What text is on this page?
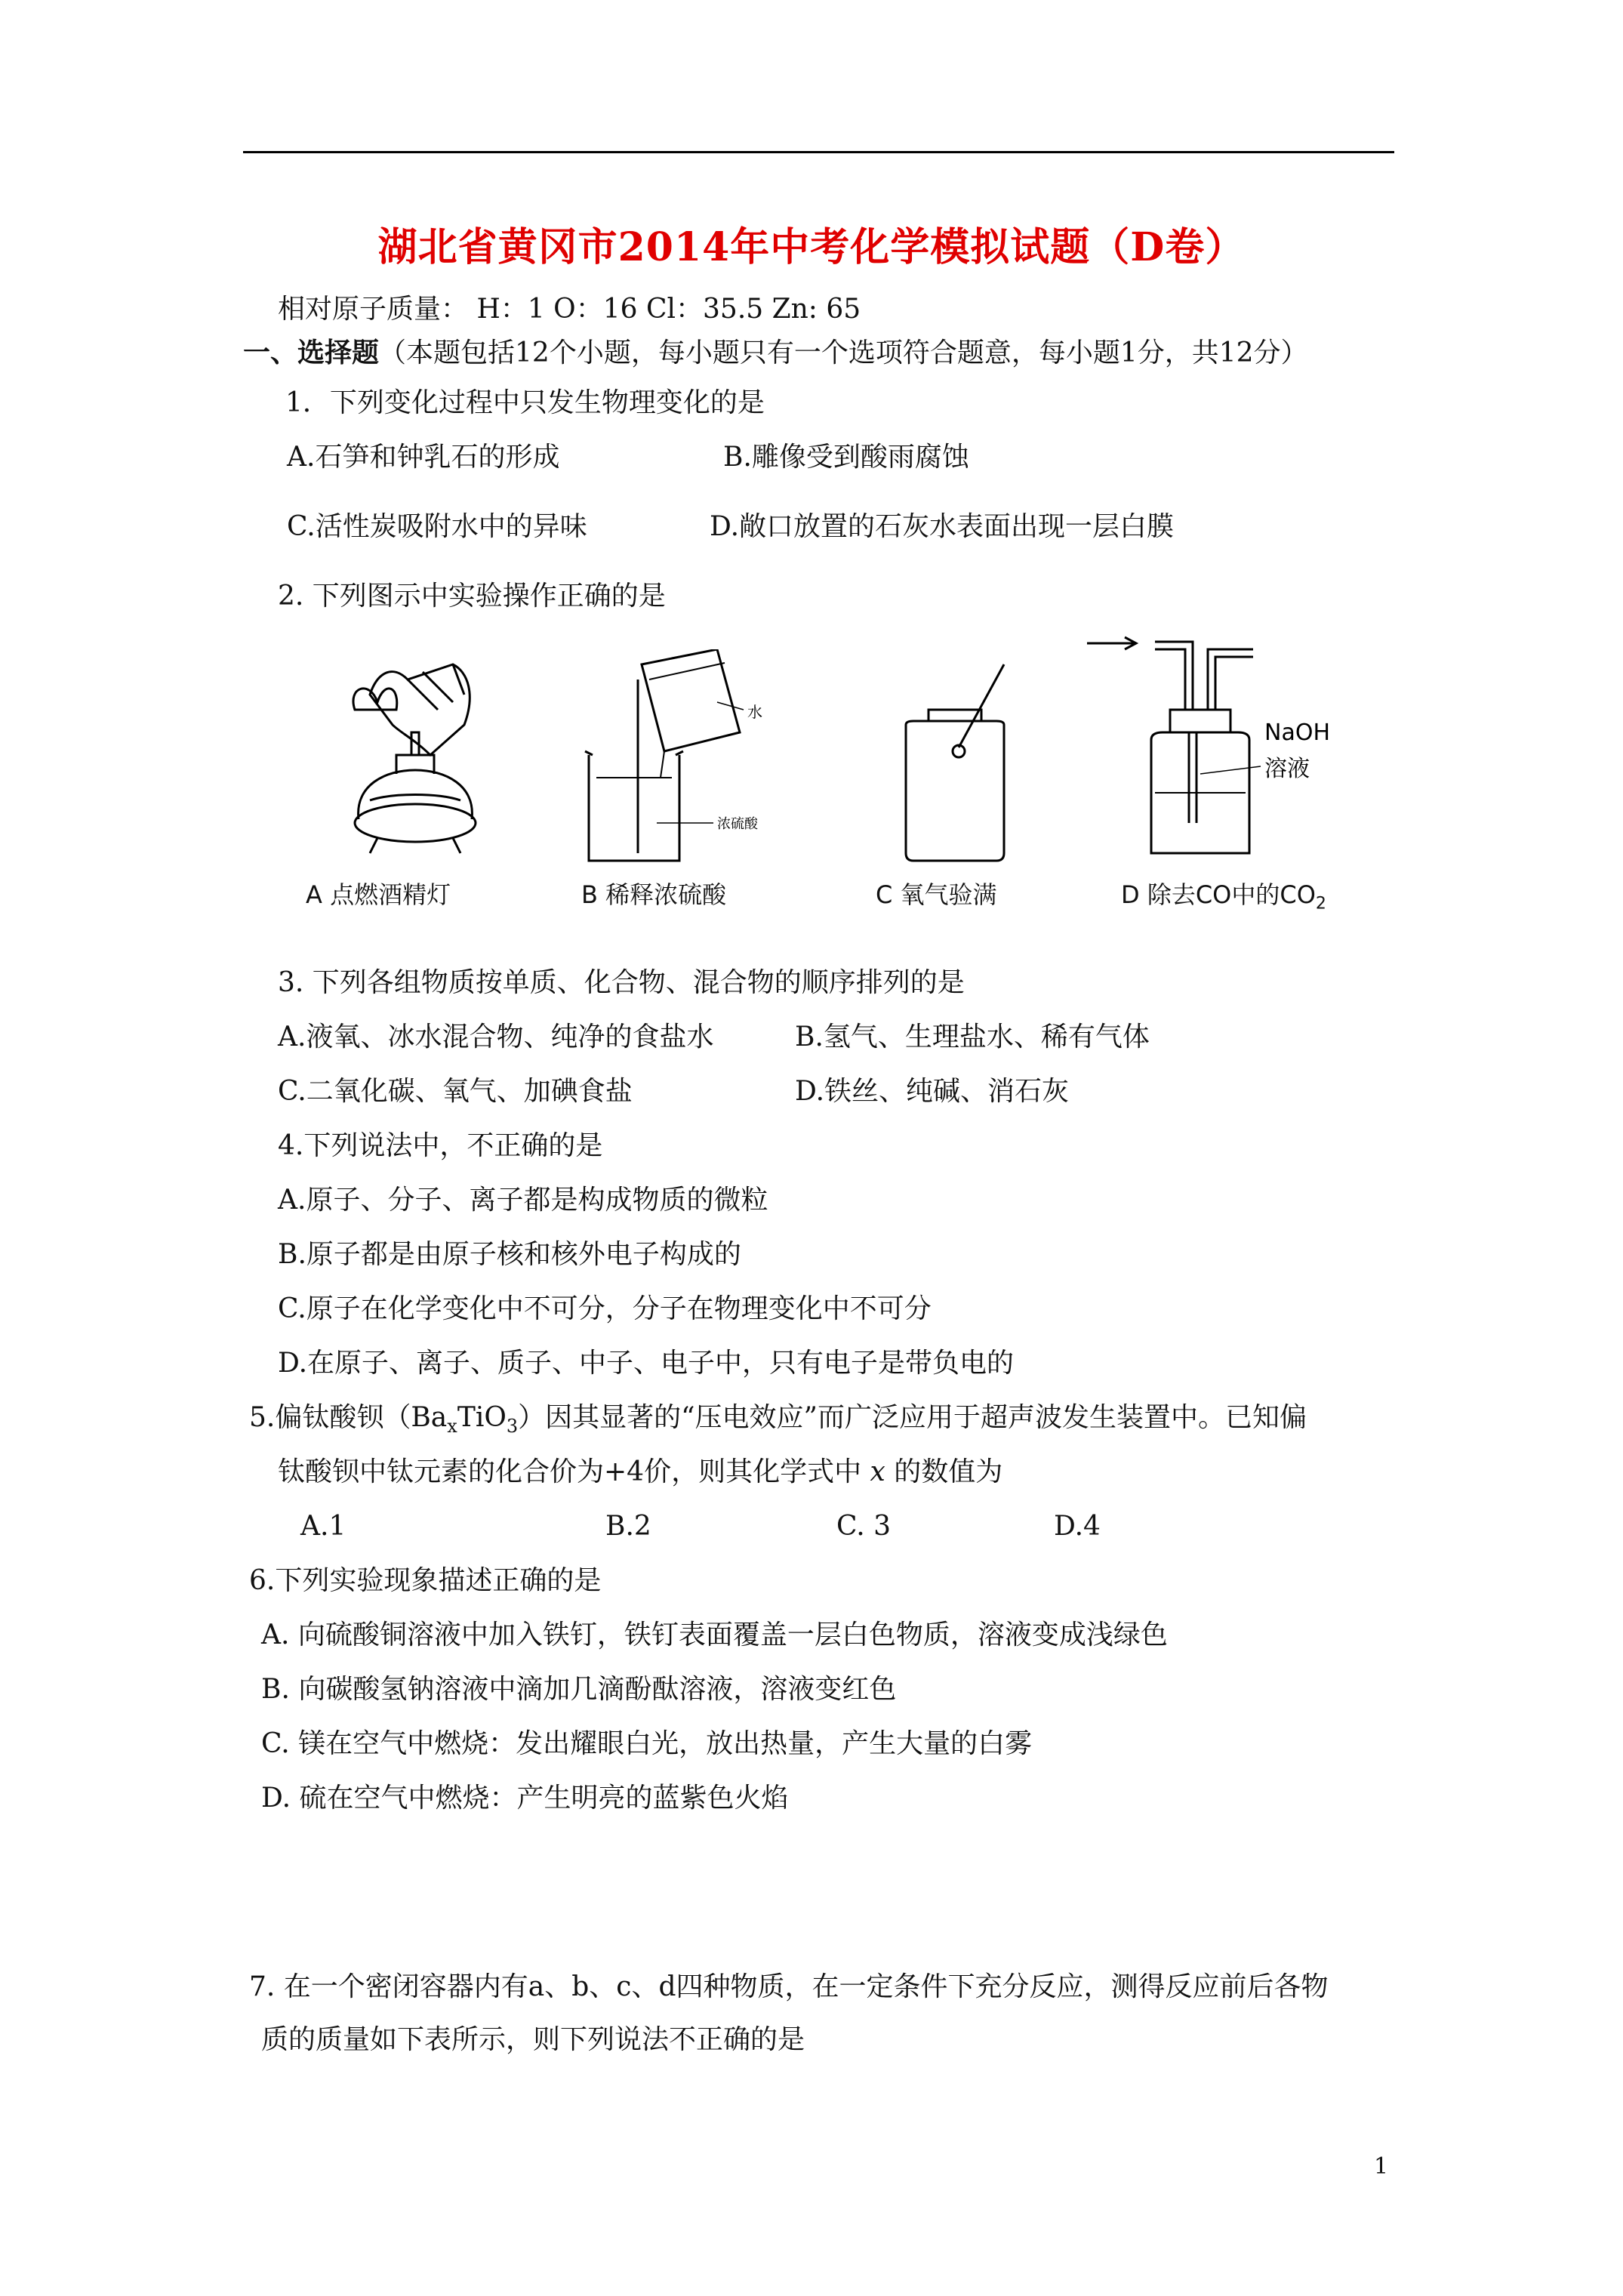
湖北省黄冈市2014年中考化学模拟试题（D卷）
相对原子质量： H：1 O：16 Cl：35.5 Zn: 65
一、选择题（本题包括12个小题，每小题只有一个选项符合题意，每小题1分，共12分）
1．下列变化过程中只发生物理变化的是
A.石笋和钟乳石的形成	B.雕像受到酸雨腐蚀
C.活性炭吸附水中的异味	D.敞口放置的石灰水表面出现一层白膜
2. 下列图示中实验操作正确的是
A 点燃酒精灯
水
浓硫酸
B 稀释浓硫酸	C 氧气验满
NaOH
溶液
D 除去CO中的$CO_2$
3. 下列各组物质按单质、化合物、混合物的顺序排列的是
A.液氧、冰水混合物、纯净的食盐水	B.氢气、生理盐水、稀有气体
C.二氧化碳、氧气、加碘食盐	D.铁丝、纯碱、消石灰
4.下列说法中，不正确的是
A.原子、分子、离子都是构成物质的微粒
B.原子都是由原子核和核外电子构成的
C.原子在化学变化中不可分，分子在物理变化中不可分
D.在原子、离子、质子、中子、电子中，只有电子是带负电的
5.偏钛酸钡$(Ba_xTiO_3)$因其显著的“压电效应”而广泛应用于超声波发生装置中。已知偏
钛酸钡中钛元素的化合价为+4价，则其化学式中 x 的数值为
A.1	B.2	C. 3	D.4
6.下列实验现象描述正确的是
A. 向硫酸铜溶液中加入铁钉，铁钉表面覆盖一层白色物质，溶液变成浅绿色
B. 向碳酸氢钠溶液中滴加几滴酚酞溶液，溶液变红色
C. 镁在空气中燃烧：发出耀眼白光，放出热量，产生大量的白雾
D. 硫在空气中燃烧：产生明亮的蓝紫色火焰
7. 在一个密闭容器内有a、b、c、d四种物质，在一定条件下充分反应，测得反应前后各物
质的质量如下表所示，则下列说法不正确的是
1
